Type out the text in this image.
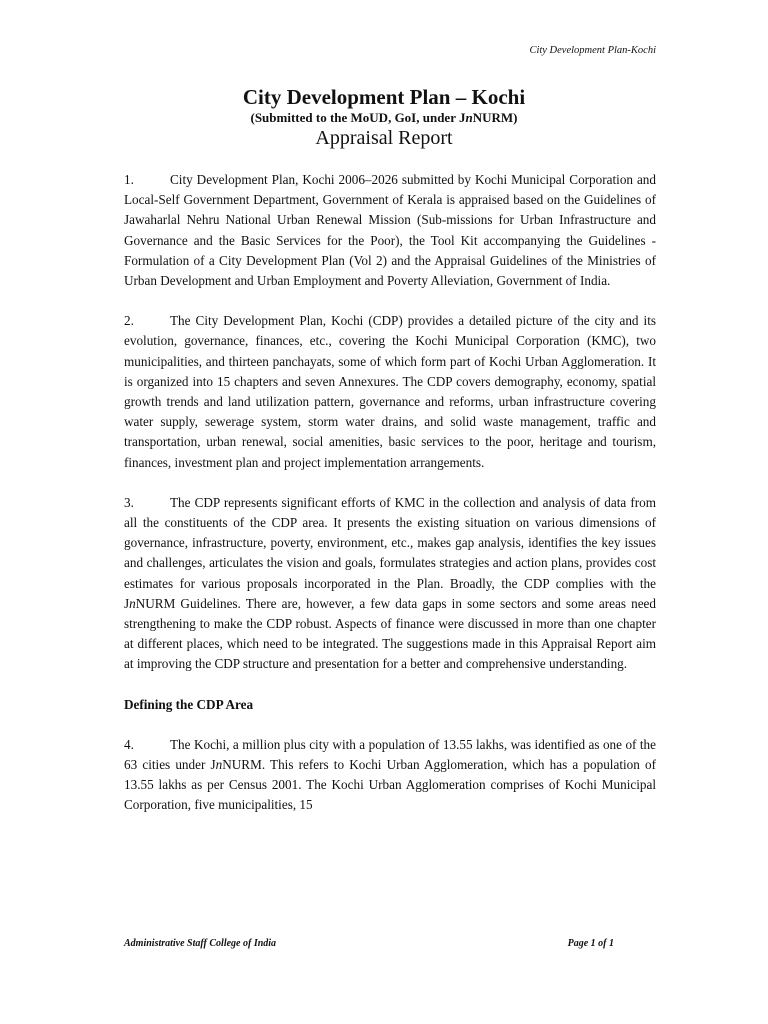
City Development Plan-Kochi
City Development Plan – Kochi

(Submitted to the MoUD, GoI, under JnNURM)

Appraisal Report

1.	City Development Plan, Kochi 2006–2026 submitted by Kochi Municipal Corporation and Local-Self Government Department, Government of Kerala is appraised based on the Guidelines of Jawaharlal Nehru National Urban Renewal Mission (Sub-missions for Urban Infrastructure and Governance and the Basic Services for the Poor), the Tool Kit accompanying the Guidelines - Formulation of a City Development Plan (Vol 2) and the Appraisal Guidelines of the Ministries of Urban Development and Urban Employment and Poverty Alleviation, Government of India.

2.	The City Development Plan, Kochi (CDP) provides a detailed picture of the city and its evolution, governance, finances, etc., covering the Kochi Municipal Corporation (KMC), two municipalities, and thirteen panchayats, some of which form part of Kochi Urban Agglomeration. It is organized into 15 chapters and seven Annexures. The CDP covers demography, economy, spatial growth trends and land utilization pattern, governance and reforms, urban infrastructure covering water supply, sewerage system, storm water drains, and solid waste management, traffic and transportation, urban renewal, social amenities, basic services to the poor, heritage and tourism, finances, investment plan and project implementation arrangements.

3.	The CDP represents significant efforts of KMC in the collection and analysis of data from all the constituents of the CDP area. It presents the existing situation on various dimensions of governance, infrastructure, poverty, environment, etc., makes gap analysis, identifies the key issues and challenges, articulates the vision and goals, formulates strategies and action plans, provides cost estimates for various proposals incorporated in the Plan. Broadly, the CDP complies with the JnNURM Guidelines. There are, however, a few data gaps in some sectors and some areas need strengthening to make the CDP robust. Aspects of finance were discussed in more than one chapter at different places, which need to be integrated. The suggestions made in this Appraisal Report aim at improving the CDP structure and presentation for a better and comprehensive understanding.

Defining the CDP Area

4.	The Kochi, a million plus city with a population of 13.55 lakhs, was identified as one of the 63 cities under JnNURM. This refers to Kochi Urban Agglomeration, which has a population of 13.55 lakhs as per Census 2001. The Kochi Urban Agglomeration comprises of Kochi Municipal Corporation, five municipalities, 15

Administrative Staff College of India	Page 1 of 1
